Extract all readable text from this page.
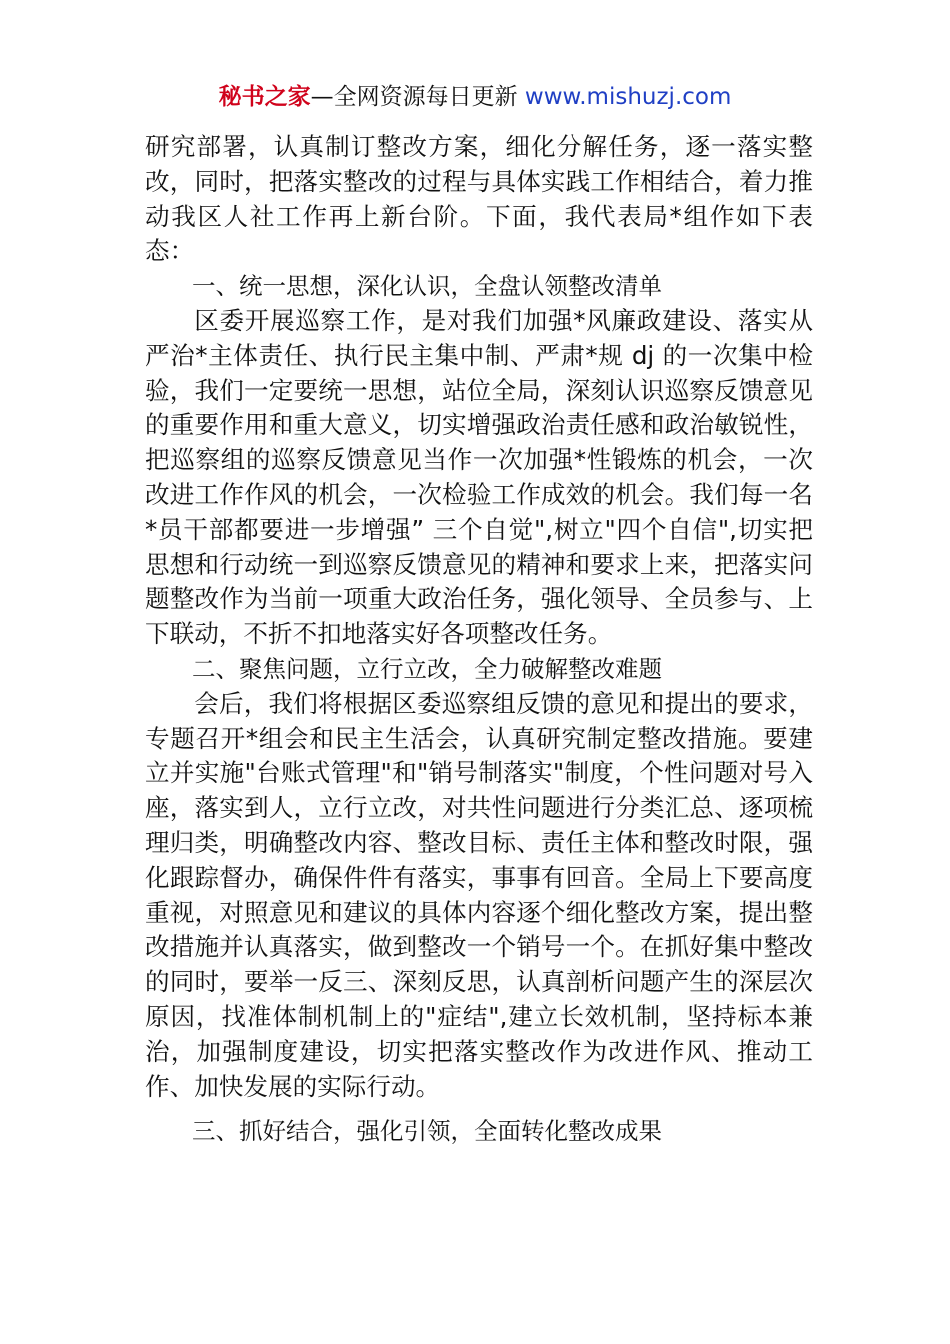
秘书之家—全网资源每日更新 www.mishuzj.com

研究部署，认真制订整改方案，细化分解任务，逐一落实整改，同时，把落实整改的过程与具体实践工作相结合，着力推动我区人社工作再上新台阶。下面，我代表局*组作如下表态：

一、统一思想，深化认识，全盘认领整改清单

区委开展巡察工作，是对我们加强*风廉政建设、落实从严治*主体责任、执行民主集中制、严肃*规 dj 的一次集中检验，我们一定要统一思想，站位全局，深刻认识巡察反馈意见的重要作用和重大意义，切实增强政治责任感和政治敏锐性，把巡察组的巡察反馈意见当作一次加强*性锻炼的机会，一次改进工作作风的机会，一次检验工作成效的机会。我们每一名*员干部都要进一步增强” 三个自觉",树立"四个自信",切实把思想和行动统一到巡察反馈意见的精神和要求上来，把落实问题整改作为当前一项重大政治任务，强化领导、全员参与、上下联动，不折不扣地落实好各项整改任务。

二、聚焦问题，立行立改，全力破解整改难题

会后，我们将根据区委巡察组反馈的意见和提出的要求，专题召开*组会和民主生活会，认真研究制定整改措施。要建立并实施"台账式管理"和"销号制落实"制度，个性问题对号入座，落实到人，立行立改，对共性问题进行分类汇总、逐项梳理归类，明确整改内容、整改目标、责任主体和整改时限，强化跟踪督办，确保件件有落实，事事有回音。全局上下要高度重视，对照意见和建议的具体内容逐个细化整改方案，提出整改措施并认真落实，做到整改一个销号一个。在抓好集中整改的同时，要举一反三、深刻反思，认真剖析问题产生的深层次原因，找准体制机制上的"症结",建立长效机制，坚持标本兼治，加强制度建设，切实把落实整改作为改进作风、推动工作、加快发展的实际行动。

三、抓好结合，强化引领，全面转化整改成果
